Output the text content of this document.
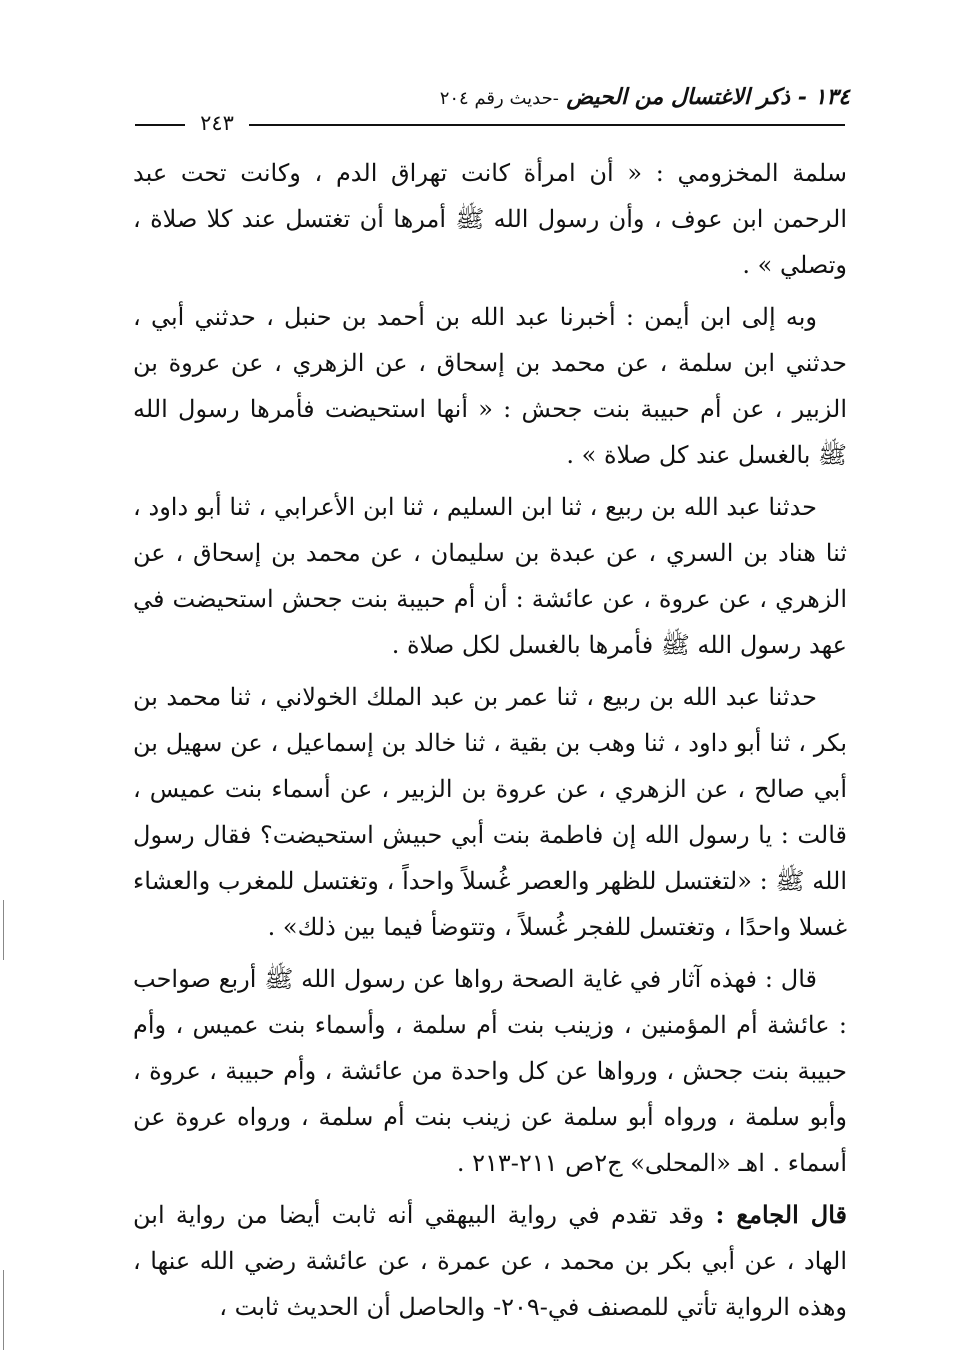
١٣٤ - ذكر الاغتسال من الحيض -حديث رقم ٢٠٤
٢٤٣

سلمة المخزومي : « أن امرأة كانت تهراق الدم ، وكانت تحت عبد الرحمن ابن عوف ، وأن رسول الله ﷺ أمرها أن تغتسل عند كلا صلاة ، وتصلي » .

وبه إلى ابن أيمن : أخبرنا عبد الله بن أحمد بن حنبل ، حدثني أبي ، حدثني ابن سلمة ، عن محمد بن إسحاق ، عن الزهري ، عن عروة بن الزبير ، عن أم حبيبة بنت جحش : « أنها استحيضت فأمرها رسول الله ﷺ بالغسل عند كل صلاة » .

حدثنا عبد الله بن ربيع ، ثنا ابن السليم ، ثنا ابن الأعرابي ، ثنا أبو داود ، ثنا هناد بن السري ، عن عبدة بن سليمان ، عن محمد بن إسحاق ، عن الزهري ، عن عروة ، عن عائشة : أن أم حبيبة بنت جحش استحيضت في عهد رسول الله ﷺ فأمرها بالغسل لكل صلاة .

حدثنا عبد الله بن ربيع ، ثنا عمر بن عبد الملك الخولاني ، ثنا محمد بن بكر ، ثنا أبو داود ، ثنا وهب بن بقية ، ثنا خالد بن إسماعيل ، عن سهيل بن أبي صالح ، عن الزهري ، عن عروة بن الزبير ، عن أسماء بنت عميس ، قالت : يا رسول الله إن فاطمة بنت أبي حبيش استحيضت؟ فقال رسول الله ﷺ : «لتغتسل للظهر والعصر غُسلاً واحداً ، وتغتسل للمغرب والعشاء غسلا واحدًا ، وتغتسل للفجر غُسلاً ، وتتوضأ فيما بين ذلك» .

قال : فهذه آثار في غاية الصحة رواها عن رسول الله ﷺ أربع صواحب : عائشة أم المؤمنين ، وزينب بنت أم سلمة ، وأسماء بنت عميس ، وأم حبيبة بنت جحش ، ورواها عن كل واحدة من عائشة ، وأم حبيبة ، عروة ، وأبو سلمة ، ورواه أبو سلمة عن زينب بنت أم سلمة ، ورواه عروة عن أسماء . اهـ «المحلى» ج٢ص ٢١١-٢١٣ .

قال الجامع : وقد تقدم في رواية البيهقي أنه ثابت أيضا من رواية ابن الهاد ، عن أبي بكر بن محمد ، عن عمرة ، عن عائشة رضي الله عنها ، وهذه الرواية تأتي للمصنف في-٢٠٩- والحاصل أن الحديث ثابت ،
